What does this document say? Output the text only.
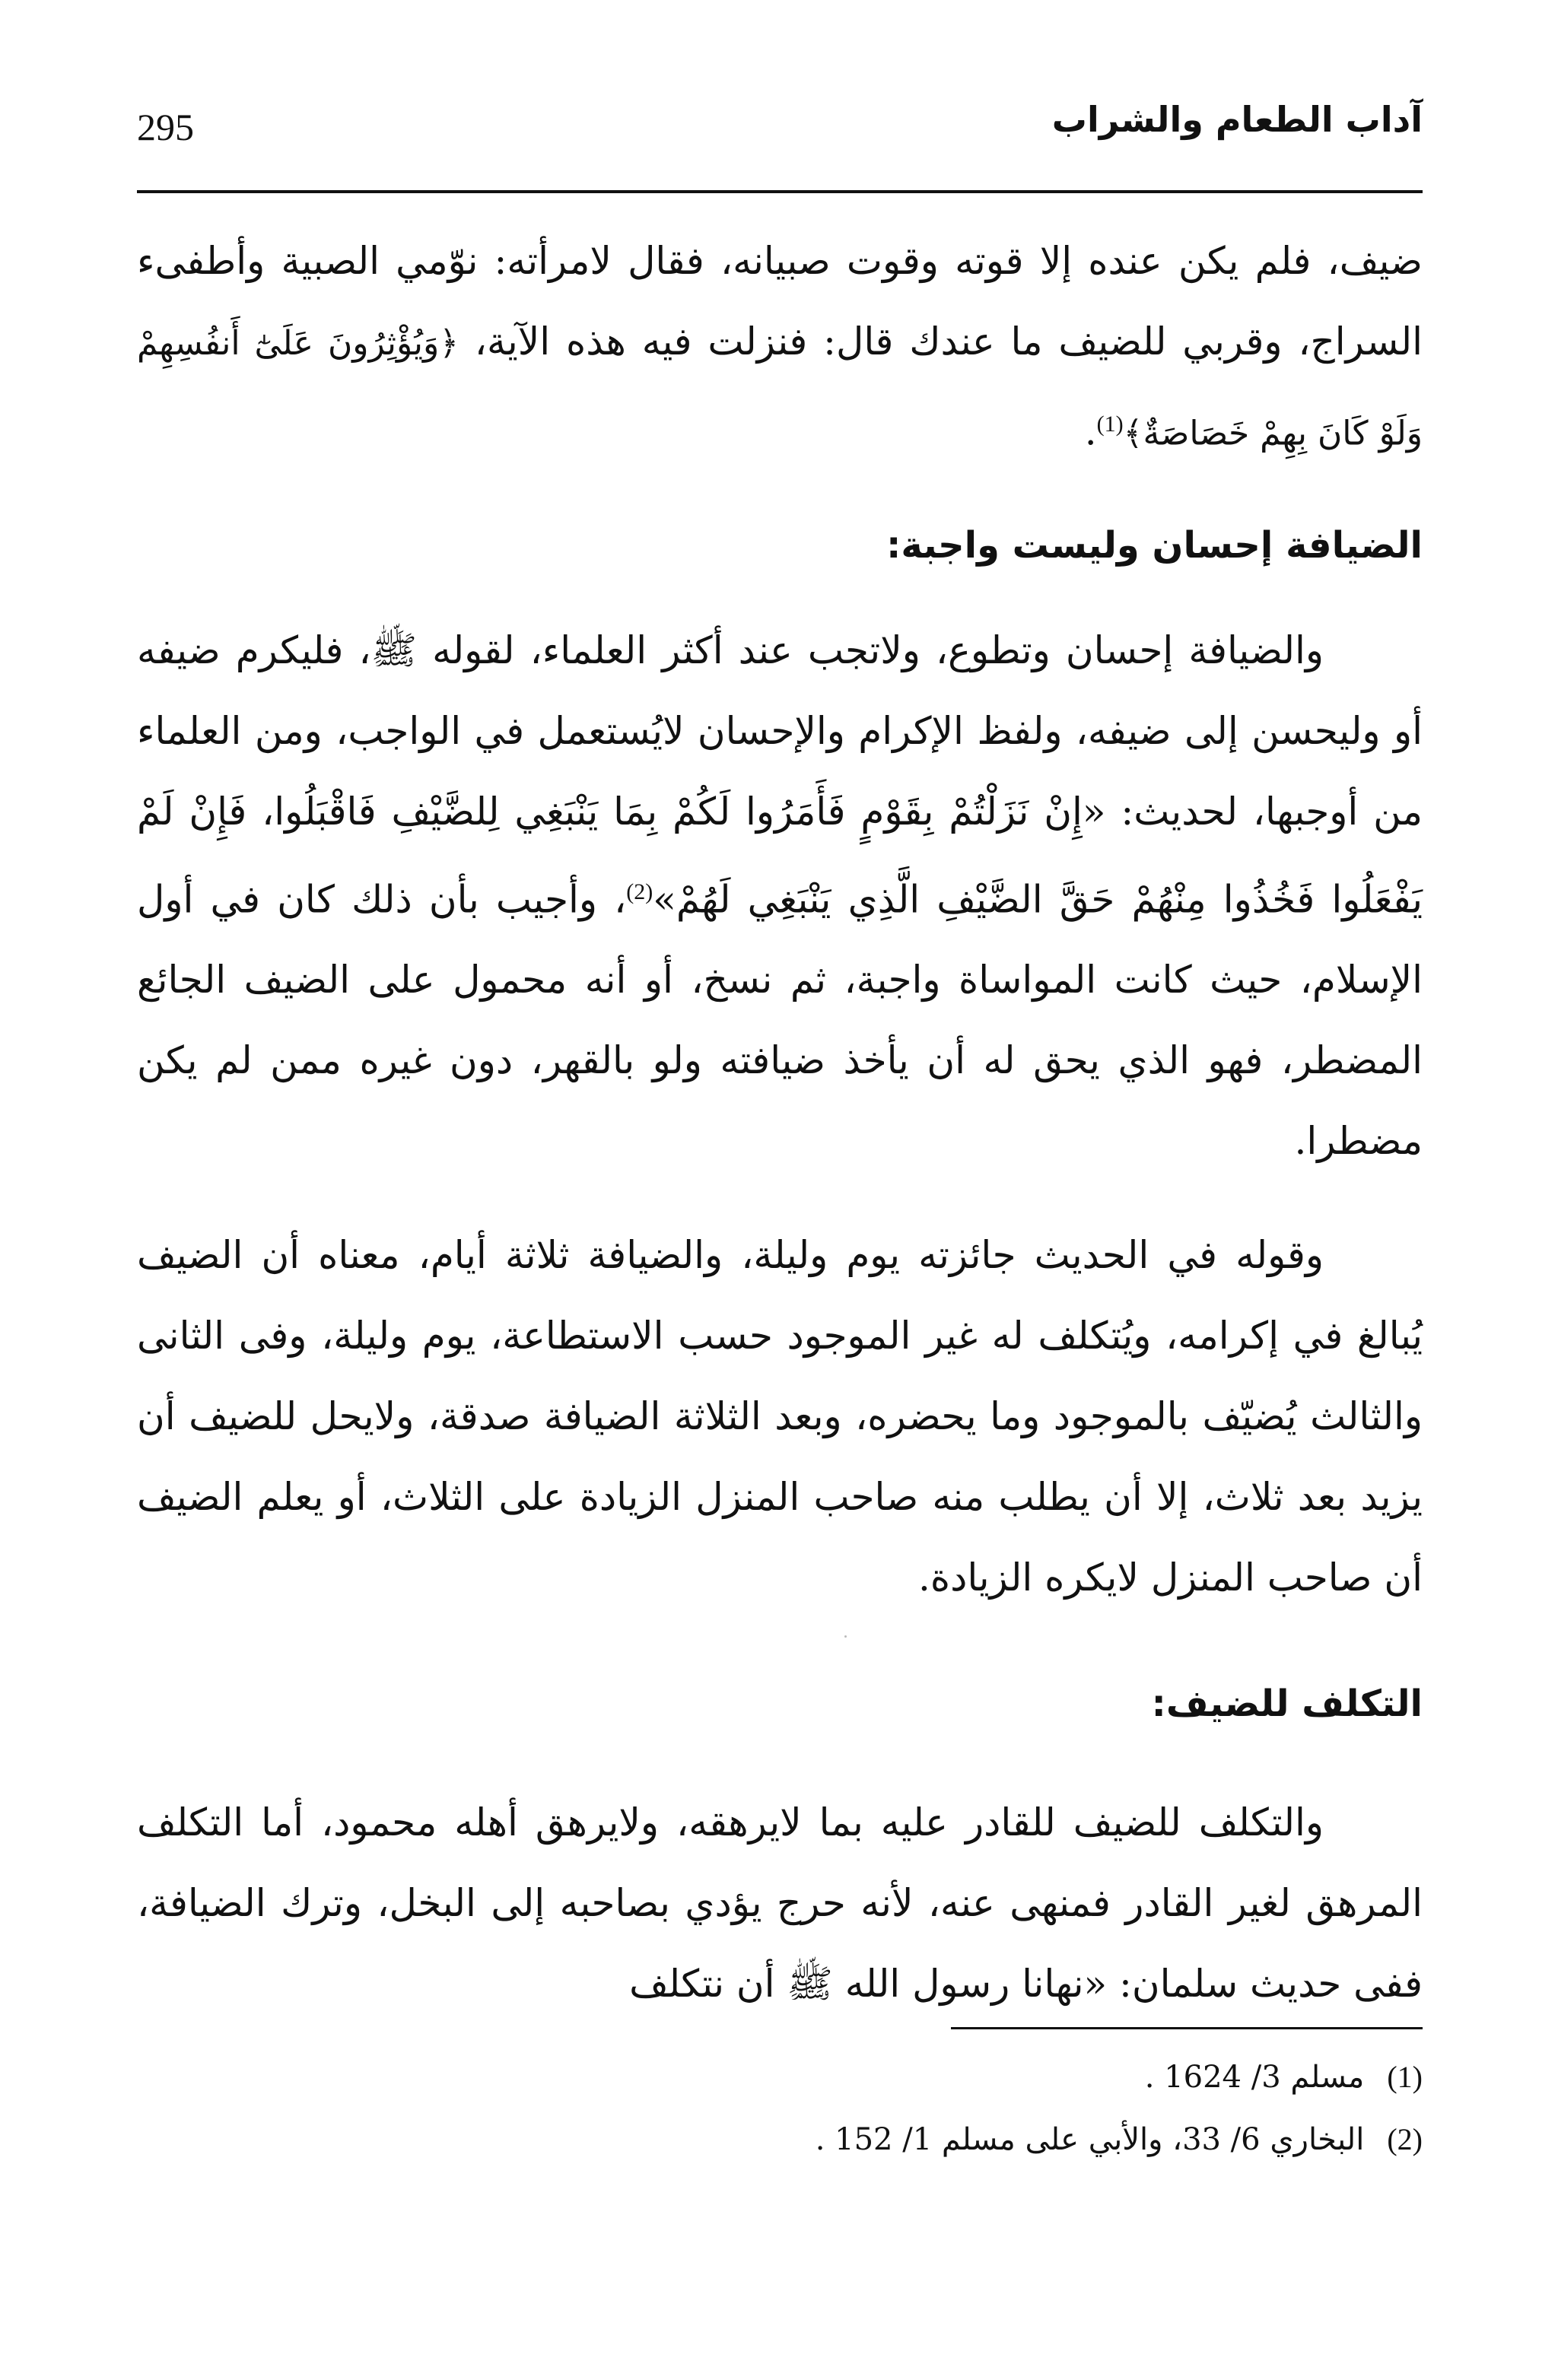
295	آداب الطعام والشراب

ضيف، فلم يكن عنده إلا قوته وقوت صبيانه، فقال لامرأته: نوّمي الصبية وأطفىء السراج، وقربي للضيف ما عندك قال: فنزلت فيه هذه الآية، ﴿وَيُؤْثِرُونَ عَلَىٰٓ أَنفُسِهِمْ وَلَوْ كَانَ بِهِمْ خَصَاصَةٌ﴾$^{(1)}$.

الضيافة إحسان وليست واجبة:

والضيافة إحسان وتطوع، ولاتجب عند أكثر العلماء، لقوله ﷺ، فليكرم ضيفه أو وليحسن إلى ضيفه، ولفظ الإكرام والإحسان لايُستعمل في الواجب، ومن العلماء من أوجبها، لحديث: «إِنْ نَزَلْتُمْ بِقَوْمٍ فَأَمَرُوا لَكُمْ بِمَا يَنْبَغِي لِلضَّيْفِ فَاقْبَلُوا، فَإِنْ لَمْ يَفْعَلُوا فَخُذُوا مِنْهُمْ حَقَّ الضَّيْفِ الَّذِي يَنْبَغِي لَهُمْ»$^{(2)}$، وأجيب بأن ذلك كان في أول الإسلام، حيث كانت المواساة واجبة، ثم نسخ، أو أنه محمول على الضيف الجائع المضطر، فهو الذي يحق له أن يأخذ ضيافته ولو بالقهر، دون غيره ممن لم يكن مضطرا.

وقوله في الحديث جائزته يوم وليلة، والضيافة ثلاثة أيام، معناه أن الضيف يُبالغ في إكرامه، ويُتكلف له غير الموجود حسب الاستطاعة، يوم وليلة، وفى الثانى والثالث يُضيّف بالموجود وما يحضره، وبعد الثلاثة الضيافة صدقة، ولايحل للضيف أن يزيد بعد ثلاث، إلا أن يطلب منه صاحب المنزل الزيادة على الثلاث، أو يعلم الضيف أن صاحب المنزل لايكره الزيادة.

التكلف للضيف:

والتكلف للضيف للقادر عليه بما لايرهقه، ولايرهق أهله محمود، أما التكلف المرهق لغير القادر فمنهى عنه، لأنه حرج يؤدي بصاحبه إلى البخل، وترك الضيافة، ففى حديث سلمان: «نهانا رسول الله ﷺ أن نتكلف

(1)مسلم 3/ 1624 .

(2)البخاري 6/ 33، والأبي على مسلم 1/ 152 .
